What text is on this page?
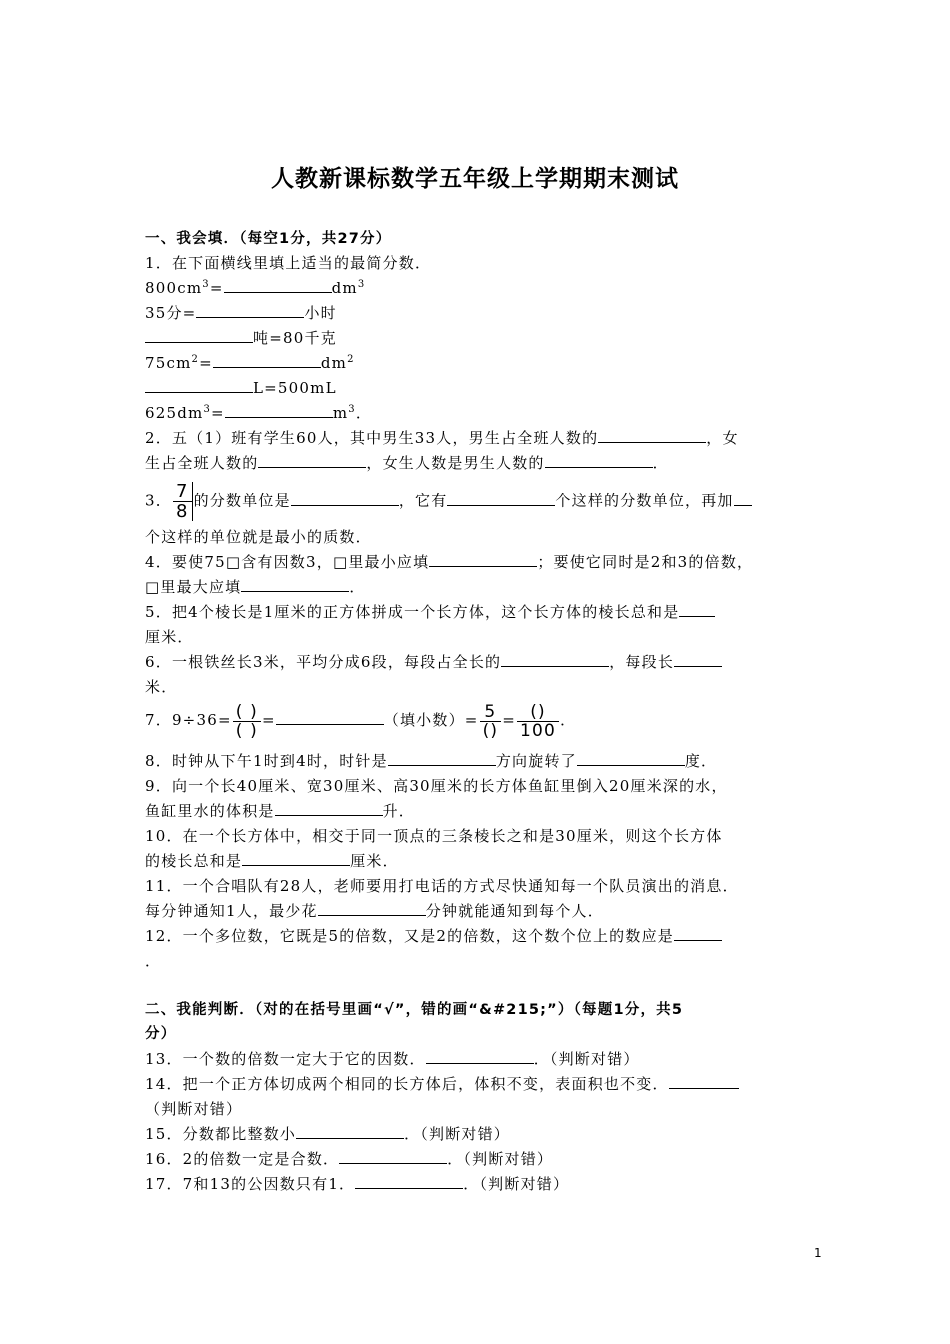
人教新课标数学五年级上学期期末测试
一、我会填．（每空1分，共27分）
1．在下面横线里填上适当的最简分数．
$800cm^3=$	$dm^3$
35分=	小时
吨=80千克
$75cm^2=$	$dm^2$
L=500mL
$625dm^3=$	$m^3$．
2．五（1）班有学生60人，其中男生33人，男生占全班人数的	，女
生占全班人数的	，女生人数是男生人数的	．
3． $\frac{7}{8}$ 的分数单位是	，它有	个这样的分数单位，再加
个这样的单位就是最小的质数．
4．要使75□含有因数3，□里最小应填	；要使它同时是2和3的倍数，
□里最大应填	．
5．把4个棱长是1厘米的正方体拼成一个长方体，这个长方体的棱长总和是
厘米．
6．一根铁丝长3米，平均分成6段，每段占全长的	，每段长
米．
7．$9\div 36= \frac{( )}{( )}$ =	（填小数）= $\frac{5}{()} = \frac{()}{100}$ ．
8．时钟从下午1时到4时，时针是	方向旋转了	度．
9．向一个长40厘米、宽30厘米、高30厘米的长方体鱼缸里倒入20厘米深的水，
鱼缸里水的体积是	升．
10．在一个长方体中，相交于同一顶点的三条棱长之和是30厘米，则这个长方体
的棱长总和是	厘米．
11．一个合唱队有28人，老师要用打电话的方式尽快通知每一个队员演出的消息．
每分钟通知1人，最少花	分钟就能通知到每个人．
12．一个多位数，它既是5的倍数，又是2的倍数，这个数个位上的数应是
．
二、我能判断．（对的在括号里画“√”，错的画“&#215;”）（每题1分，共5
分）
13．一个数的倍数一定大于它的因数．	．（判断对错）
14．把一个正方体切成两个相同的长方体后，体积不变，表面积也不变．
（判断对错）
15．分数都比整数小	．（判断对错）
16．2的倍数一定是合数．	．（判断对错）
17．7和13的公因数只有1．	．（判断对错）
1
